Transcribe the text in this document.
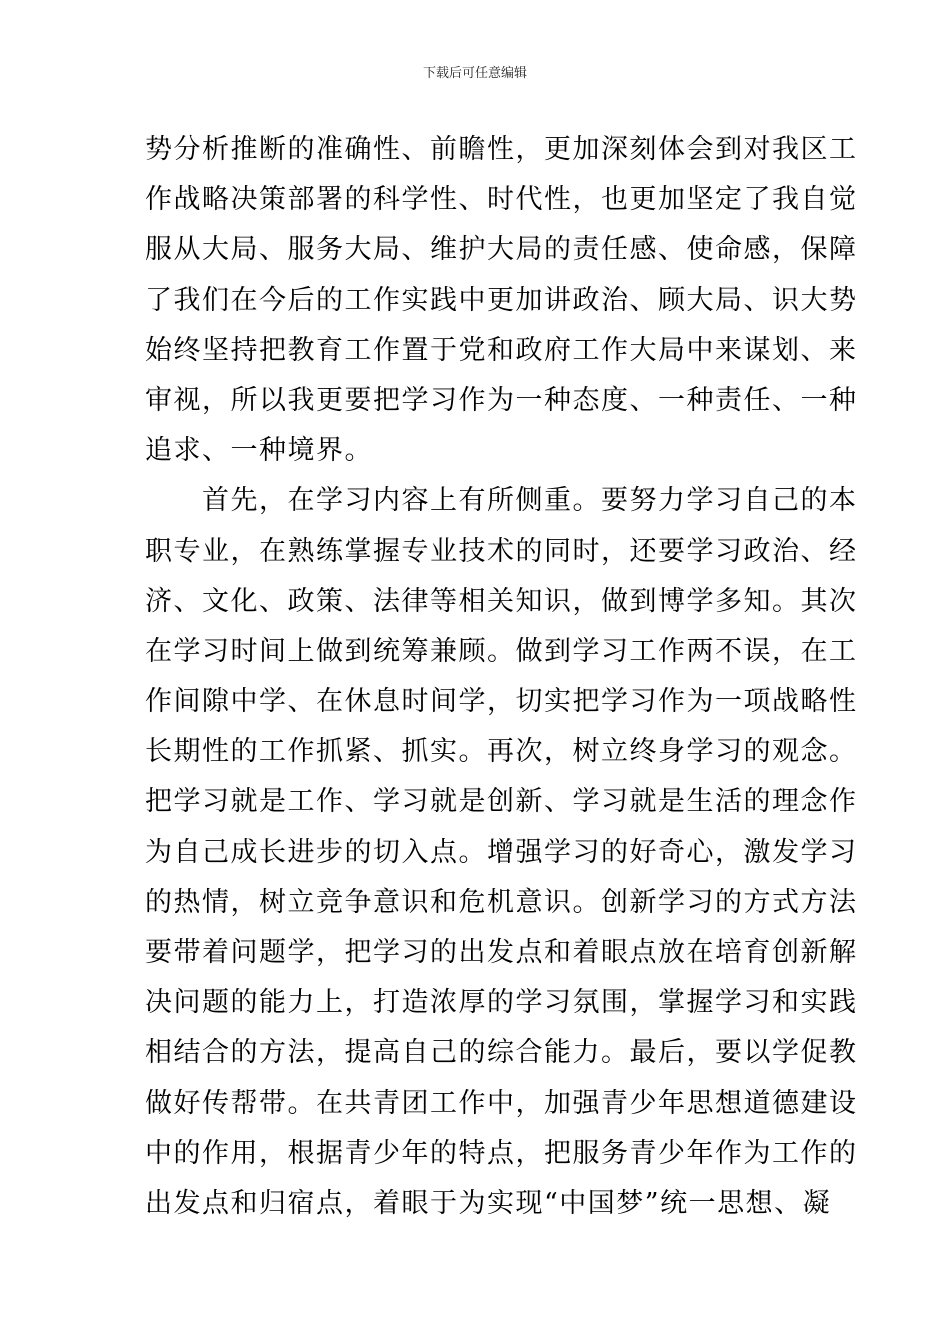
下载后可任意编辑
势分析推断的准确性、前瞻性，更加深刻体会到对我区工
作战略决策部署的科学性、时代性，也更加坚定了我自觉
服从大局、服务大局、维护大局的责任感、使命感，保障
了我们在今后的工作实践中更加讲政治、顾大局、识大势
始终坚持把教育工作置于党和政府工作大局中来谋划、来
审视，所以我更要把学习作为一种态度、一种责任、一种
追求、一种境界。
　　首先，在学习内容上有所侧重。要努力学习自己的本
职专业，在熟练掌握专业技术的同时，还要学习政治、经
济、文化、政策、法律等相关知识，做到博学多知。其次
在学习时间上做到统筹兼顾。做到学习工作两不误，在工
作间隙中学、在休息时间学，切实把学习作为一项战略性
长期性的工作抓紧、抓实。再次，树立终身学习的观念。
把学习就是工作、学习就是创新、学习就是生活的理念作
为自己成长进步的切入点。增强学习的好奇心，激发学习
的热情，树立竞争意识和危机意识。创新学习的方式方法
要带着问题学，把学习的出发点和着眼点放在培育创新解
决问题的能力上，打造浓厚的学习氛围，掌握学习和实践
相结合的方法，提高自己的综合能力。最后，要以学促教
做好传帮带。在共青团工作中，加强青少年思想道德建设
中的作用，根据青少年的特点，把服务青少年作为工作的
出发点和归宿点，着眼于为实现“中国梦”统一思想、凝
